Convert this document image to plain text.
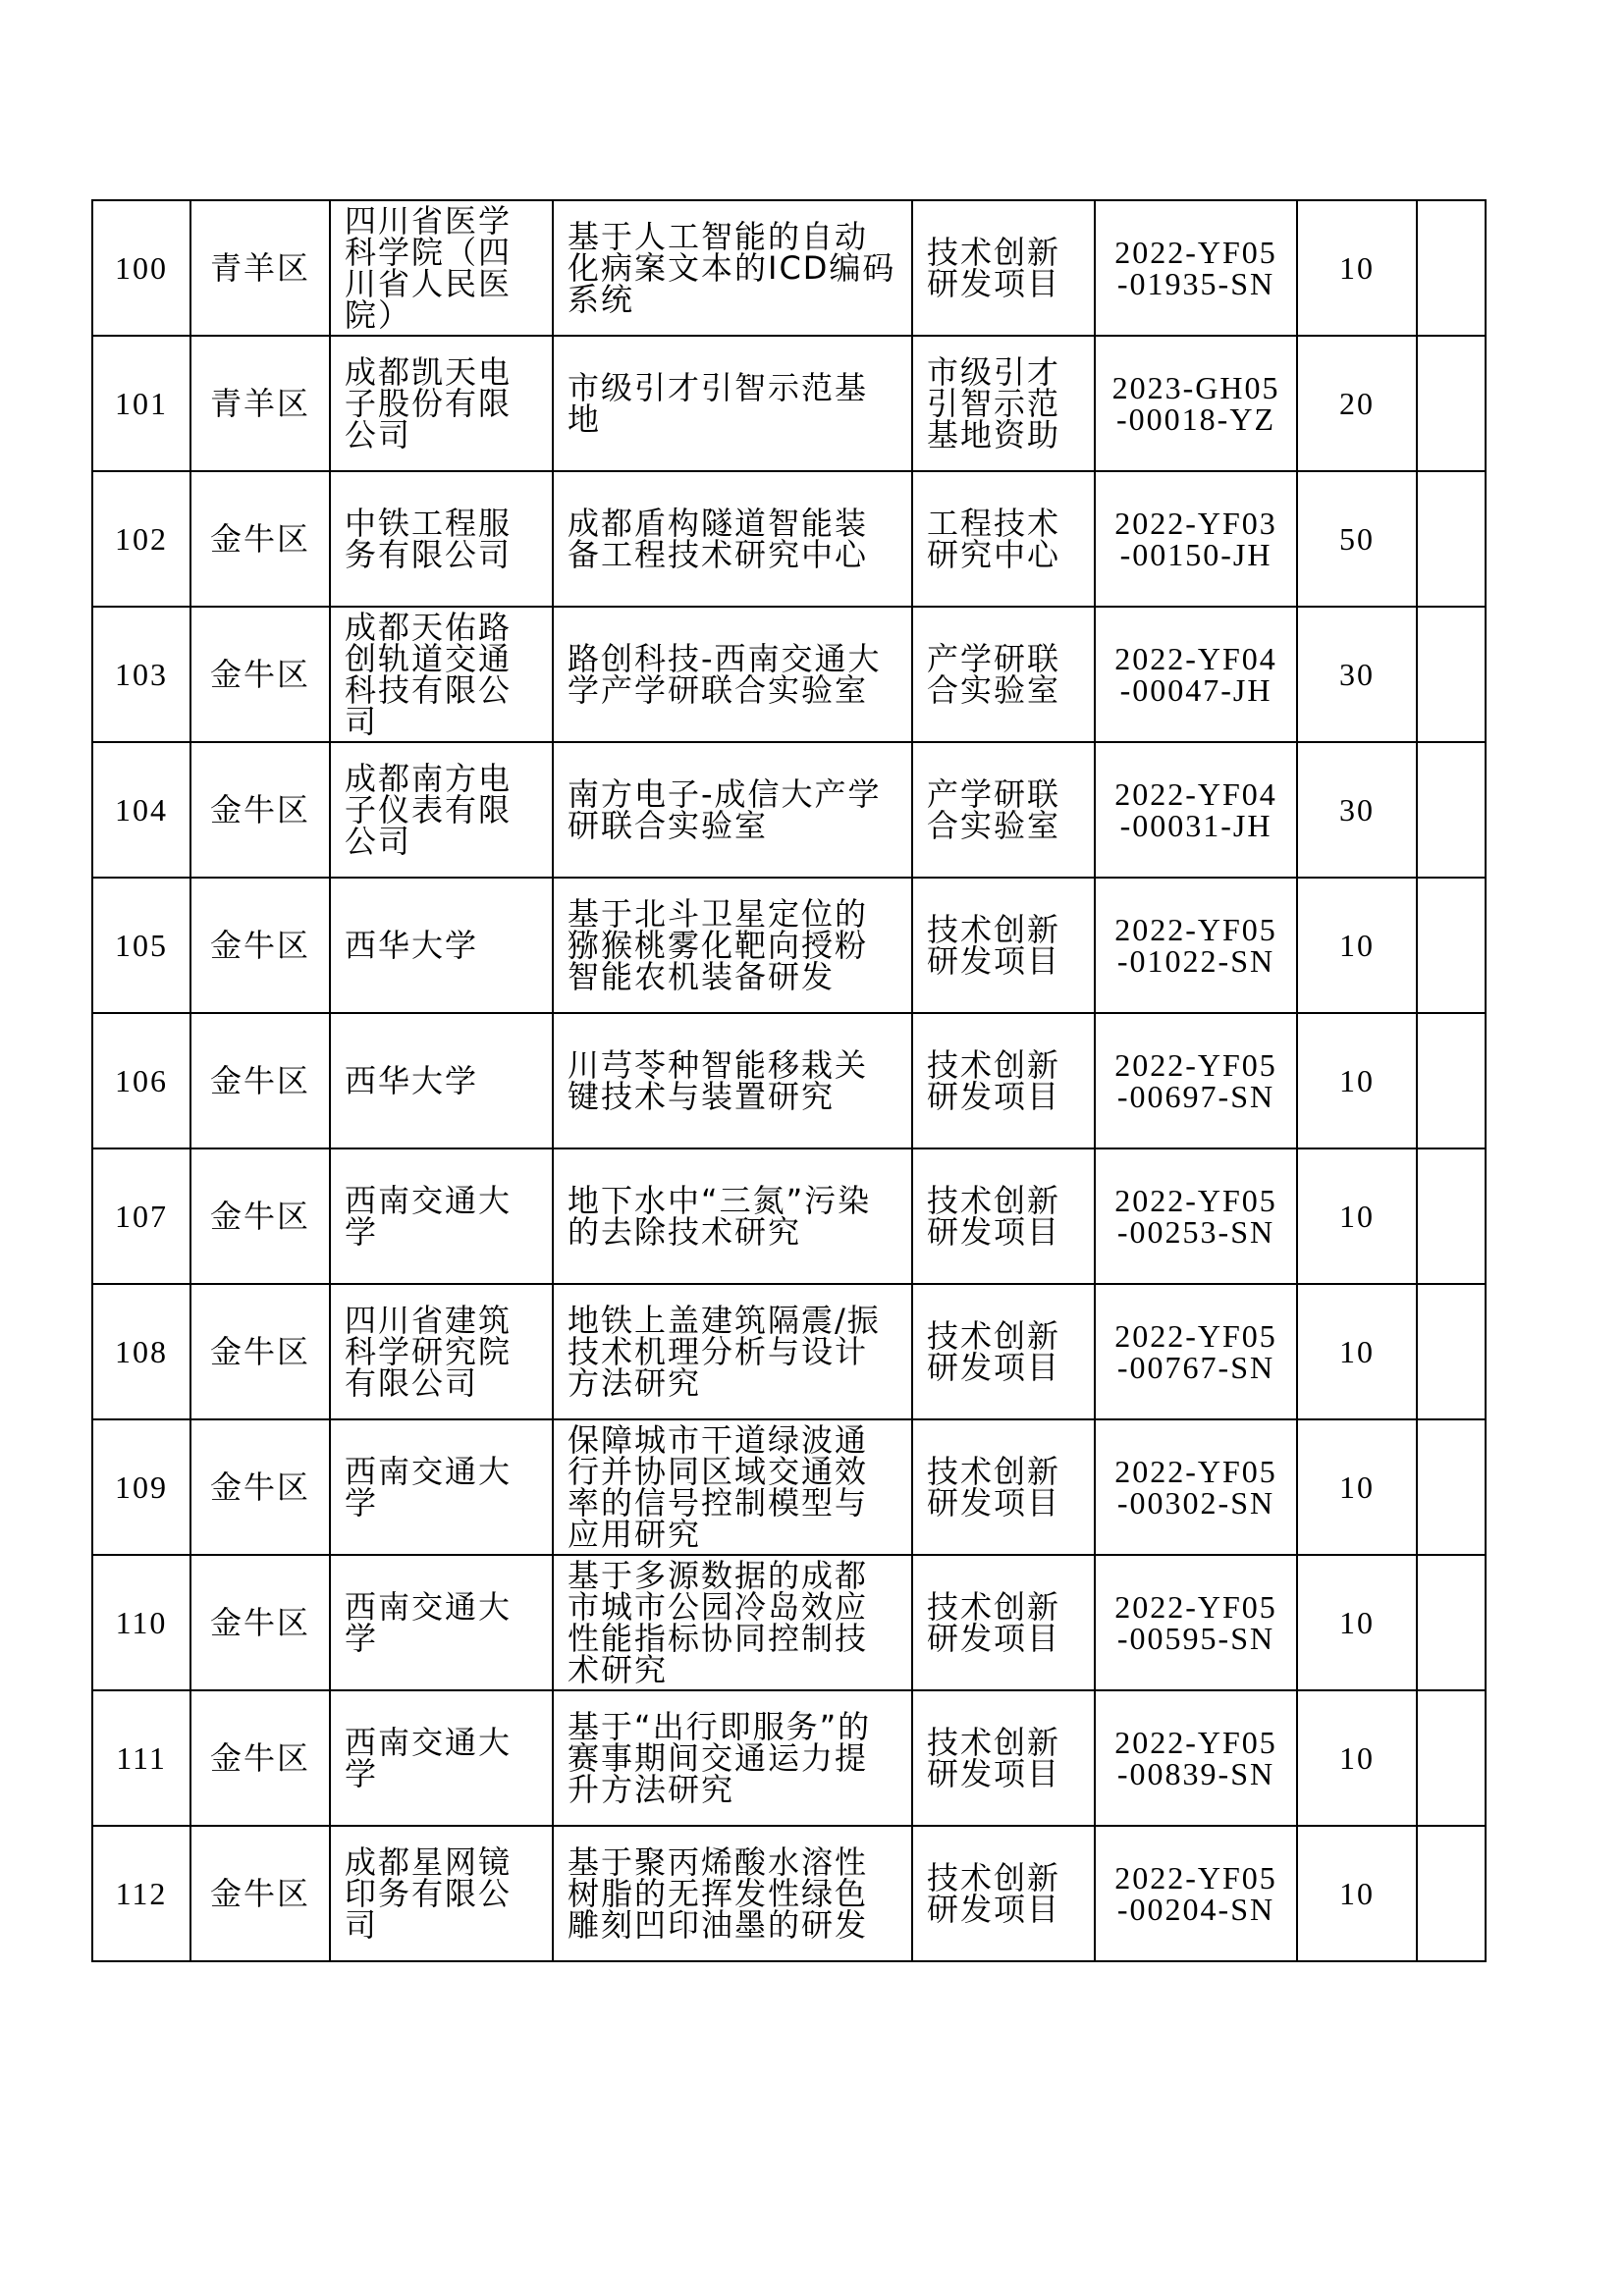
100	青羊区	四川省医学科学院（四川省人民医院）	基于人工智能的自动化病案文本的ICD编码系统	技术创新研发项目	2022-YF05-01935-SN	10	
101	青羊区	成都凯天电子股份有限公司	市级引才引智示范基地	市级引才引智示范基地资助	2023-GH05-00018-YZ	20	
102	金牛区	中铁工程服务有限公司	成都盾构隧道智能装备工程技术研究中心	工程技术研究中心	2022-YF03-00150-JH	50	
103	金牛区	成都天佑路创轨道交通科技有限公司	路创科技-西南交通大学产学研联合实验室	产学研联合实验室	2022-YF04-00047-JH	30	
104	金牛区	成都南方电子仪表有限公司	南方电子-成信大产学研联合实验室	产学研联合实验室	2022-YF04-00031-JH	30	
105	金牛区	西华大学	基于北斗卫星定位的猕猴桃雾化靶向授粉智能农机装备研发	技术创新研发项目	2022-YF05-01022-SN	10	
106	金牛区	西华大学	川芎苓种智能移栽关键技术与装置研究	技术创新研发项目	2022-YF05-00697-SN	10	
107	金牛区	西南交通大学	地下水中“三氮”污染的去除技术研究	技术创新研发项目	2022-YF05-00253-SN	10	
108	金牛区	四川省建筑科学研究院有限公司	地铁上盖建筑隔震/振技术机理分析与设计方法研究	技术创新研发项目	2022-YF05-00767-SN	10	
109	金牛区	西南交通大学	保障城市干道绿波通行并协同区域交通效率的信号控制模型与应用研究	技术创新研发项目	2022-YF05-00302-SN	10	
110	金牛区	西南交通大学	基于多源数据的成都市城市公园冷岛效应性能指标协同控制技术研究	技术创新研发项目	2022-YF05-00595-SN	10	
111	金牛区	西南交通大学	基于“出行即服务”的赛事期间交通运力提升方法研究	技术创新研发项目	2022-YF05-00839-SN	10	
112	金牛区	成都星网镜印务有限公司	基于聚丙烯酸水溶性树脂的无挥发性绿色雕刻凹印油墨的研发	技术创新研发项目	2022-YF05-00204-SN	10	
